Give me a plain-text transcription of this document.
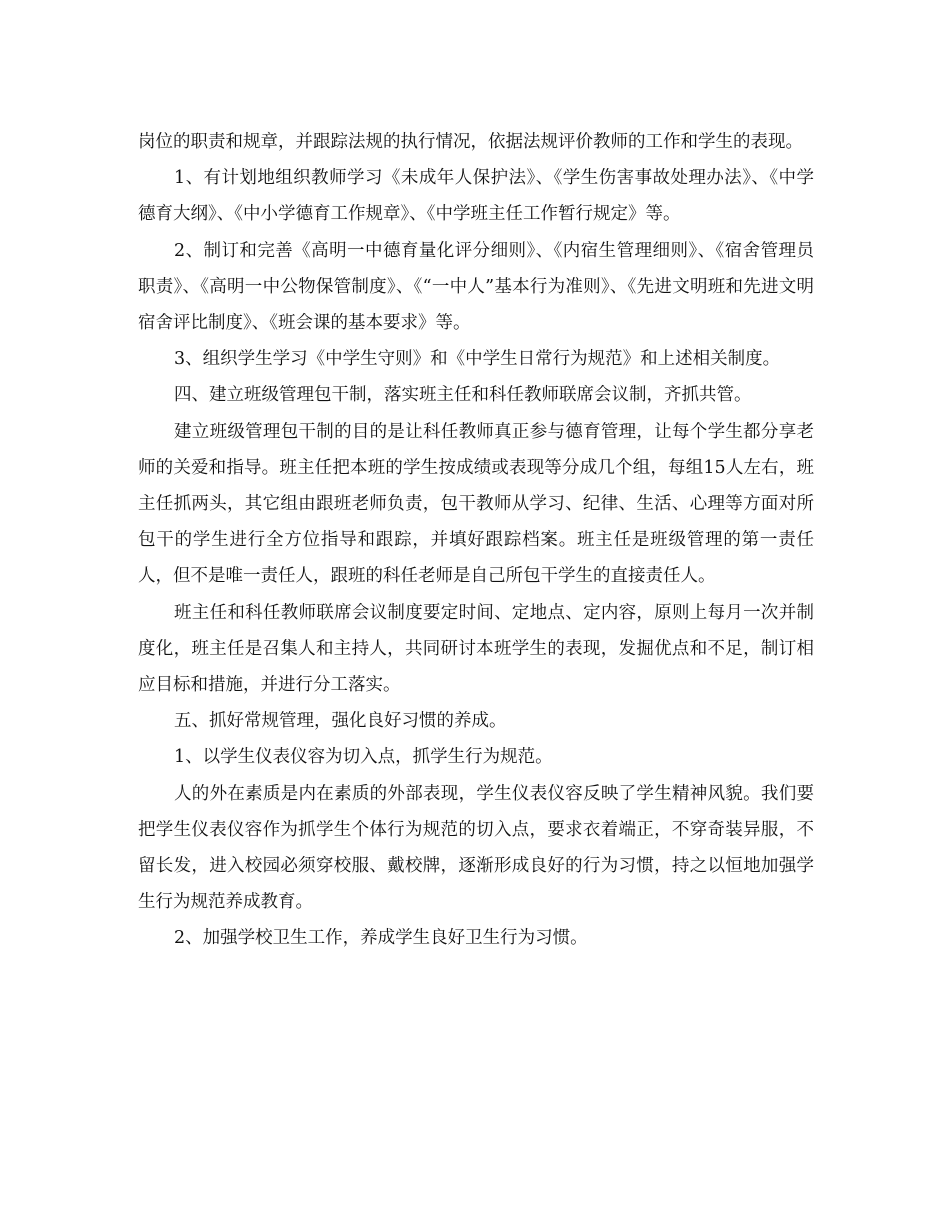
岗位的职责和规章，并跟踪法规的执行情况，依据法规评价教师的工作和学生的表现。

1、有计划地组织教师学习《未成年人保护法》、《学生伤害事故处理办法》、《中学德育大纲》、《中小学德育工作规章》、《中学班主任工作暂行规定》等。

2、制订和完善《高明一中德育量化评分细则》、《内宿生管理细则》、《宿舍管理员职责》、《高明一中公物保管制度》、《“一中人”基本行为准则》、《先进文明班和先进文明宿舍评比制度》、《班会课的基本要求》等。

3、组织学生学习《中学生守则》和《中学生日常行为规范》和上述相关制度。

四、建立班级管理包干制，落实班主任和科任教师联席会议制，齐抓共管。

建立班级管理包干制的目的是让科任教师真正参与德育管理，让每个学生都分享老师的关爱和指导。班主任把本班的学生按成绩或表现等分成几个组，每组15人左右，班主任抓两头，其它组由跟班老师负责，包干教师从学习、纪律、生活、心理等方面对所包干的学生进行全方位指导和跟踪，并填好跟踪档案。班主任是班级管理的第一责任人，但不是唯一责任人，跟班的科任老师是自己所包干学生的直接责任人。

班主任和科任教师联席会议制度要定时间、定地点、定内容，原则上每月一次并制度化，班主任是召集人和主持人，共同研讨本班学生的表现，发掘优点和不足，制订相应目标和措施，并进行分工落实。

五、抓好常规管理，强化良好习惯的养成。

1、以学生仪表仪容为切入点，抓学生行为规范。

人的外在素质是内在素质的外部表现，学生仪表仪容反映了学生精神风貌。我们要把学生仪表仪容作为抓学生个体行为规范的切入点，要求衣着端正，不穿奇装异服，不留长发，进入校园必须穿校服、戴校牌，逐渐形成良好的行为习惯，持之以恒地加强学生行为规范养成教育。

2、加强学校卫生工作，养成学生良好卫生行为习惯。
